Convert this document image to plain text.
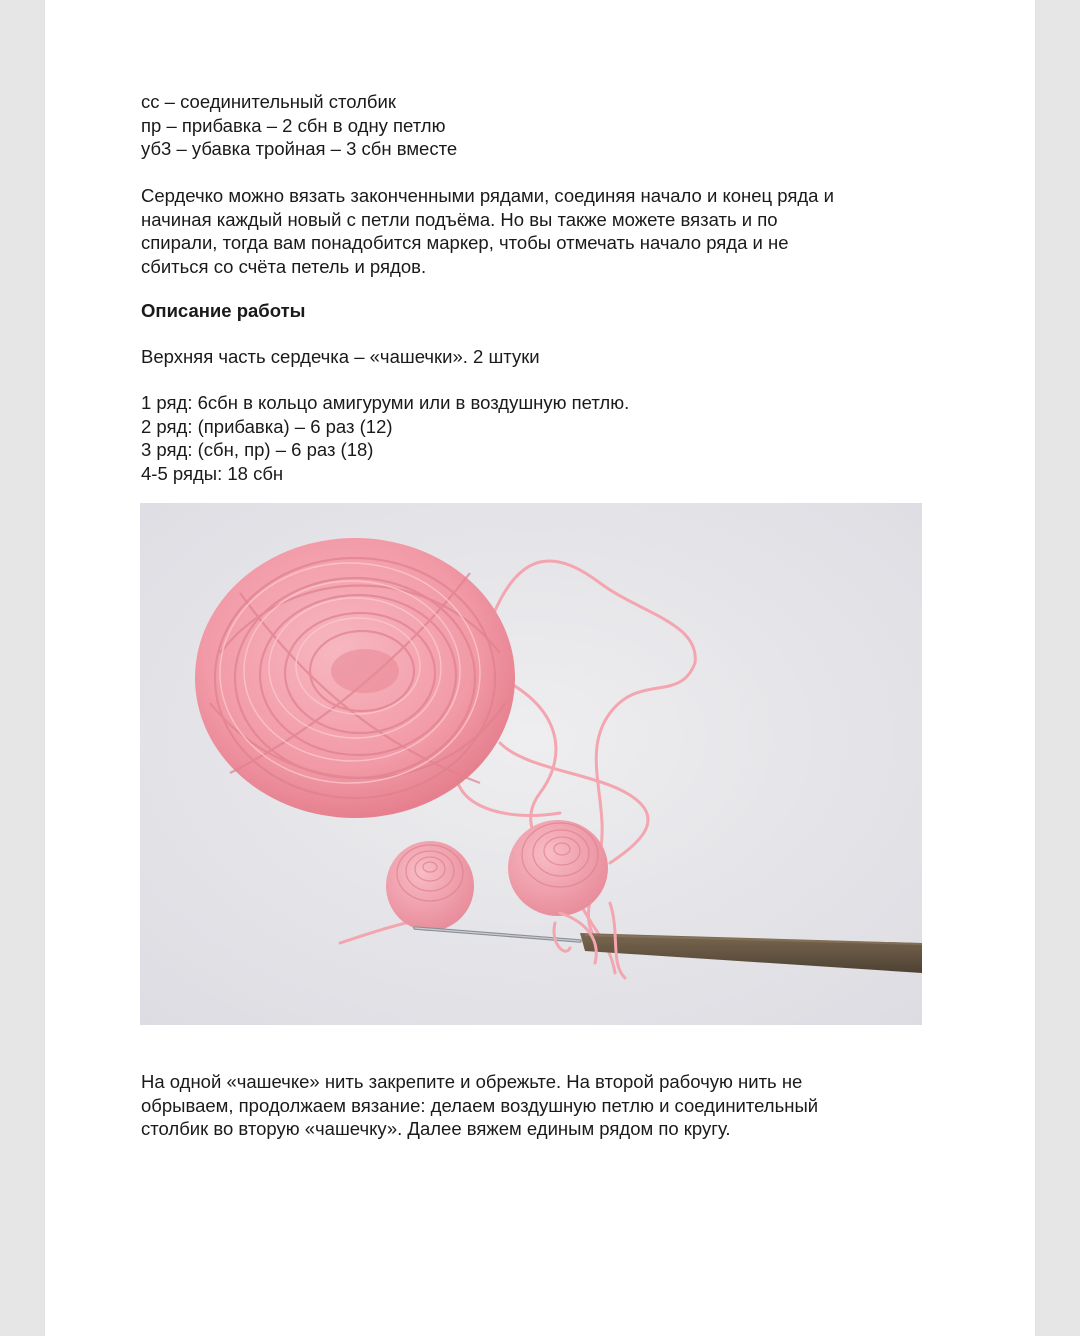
сс – соединительный столбик
пр – прибавка – 2 сбн в одну петлю
уб3 – убавка тройная – 3 сбн вместе
Сердечко можно вязать законченными рядами, соединяя начало и конец ряда и
начиная каждый новый с петли подъёма. Но вы также можете вязать и по
спирали, тогда вам понадобится маркер, чтобы отмечать начало ряда и не
сбиться со счёта петель и рядов.
Описание работы
Верхняя часть сердечка – «чашечки». 2 штуки
1 ряд: 6сбн в кольцо амигуруми или в воздушную петлю.
2 ряд: (прибавка) – 6 раз (12)
3 ряд: (сбн, пр) – 6 раз (18)
4-5 ряды: 18 сбн
На одной «чашечке» нить закрепите и обрежьте. На второй рабочую нить не
обрываем, продолжаем вязание: делаем воздушную петлю и соединительный
столбик во вторую «чашечку». Далее вяжем единым рядом по кругу.
